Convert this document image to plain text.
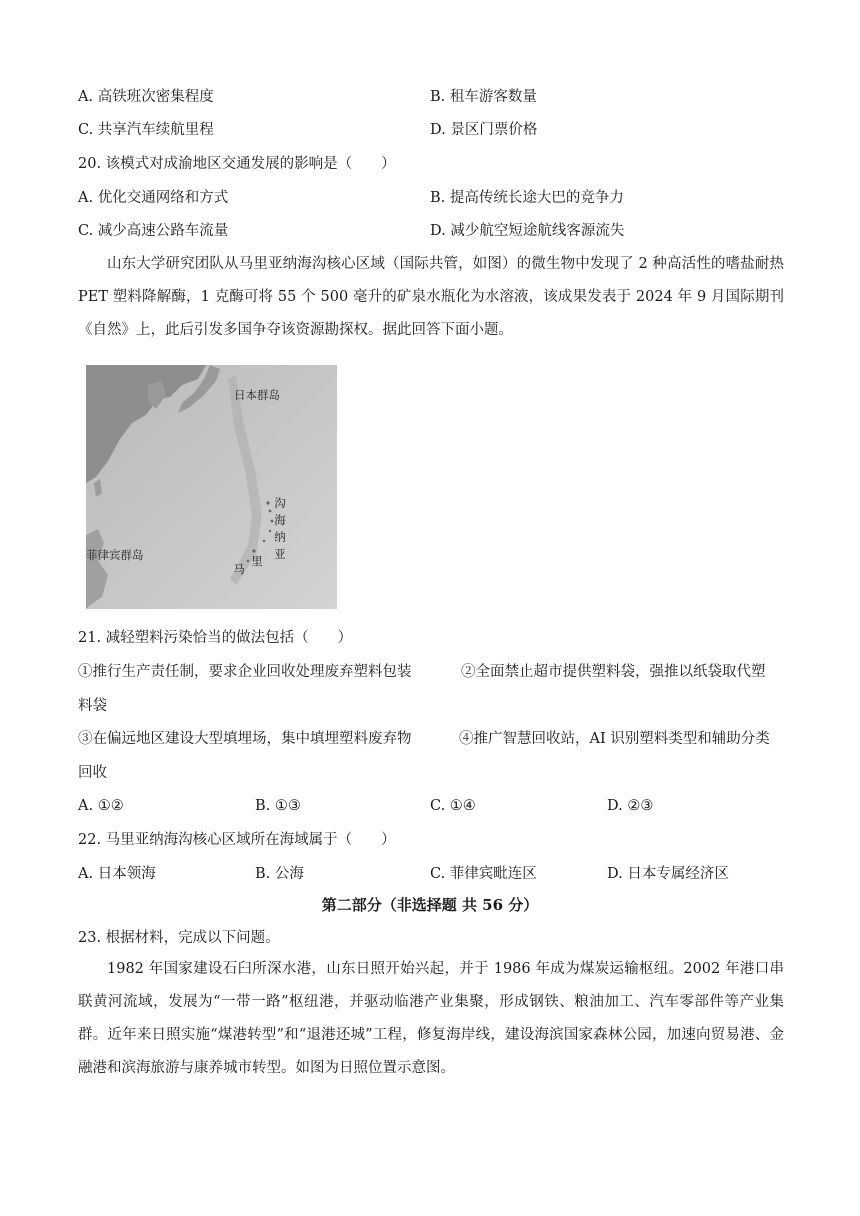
A. 高铁班次密集程度	B. 租车游客数量
C. 共享汽车续航里程	D. 景区门票价格
20. 该模式对成渝地区交通发展的影响是（　　）
A. 优化交通网络和方式	B. 提高传统长途大巴的竞争力
C. 减少高速公路车流量	D. 减少航空短途航线客源流失
山东大学研究团队从马里亚纳海沟核心区域（国际共管，如图）的微生物中发现了 2 种高活性的嗜盐耐热 PET 塑料降解酶，1 克酶可将 55 个 500 毫升的矿泉水瓶化为水溶液，该成果发表于 2024 年 9 月国际期刊《自然》上，此后引发多国争夺该资源勘探权。据此回答下面小题。
日本群岛
菲律宾群岛
沟
海
纳
亚
里
马
21. 减轻塑料污染恰当的做法包括（　　）
①推行生产责任制，要求企业回收处理废弃塑料包装	②全面禁止超市提供塑料袋，强推以纸袋取代塑
料袋
③在偏远地区建设大型填埋场，集中填埋塑料废弃物	④推广智慧回收站，AI 识别塑料类型和辅助分类
回收
A. ①②	B. ①③	C. ①④	D. ②③
22. 马里亚纳海沟核心区域所在海域属于（　　）
A. 日本领海	B. 公海	C. 菲律宾毗连区	D. 日本专属经济区
第二部分（非选择题 共 56 分）
23. 根据材料，完成以下问题。
1982 年国家建设石臼所深水港，山东日照开始兴起，并于 1986 年成为煤炭运输枢纽。2002 年港口串联黄河流域，发展为“一带一路”枢纽港，并驱动临港产业集聚，形成钢铁、粮油加工、汽车零部件等产业集群。近年来日照实施“煤港转型”和“退港还城”工程，修复海岸线，建设海滨国家森林公园，加速向贸易港、金融港和滨海旅游与康养城市转型。如图为日照位置示意图。
